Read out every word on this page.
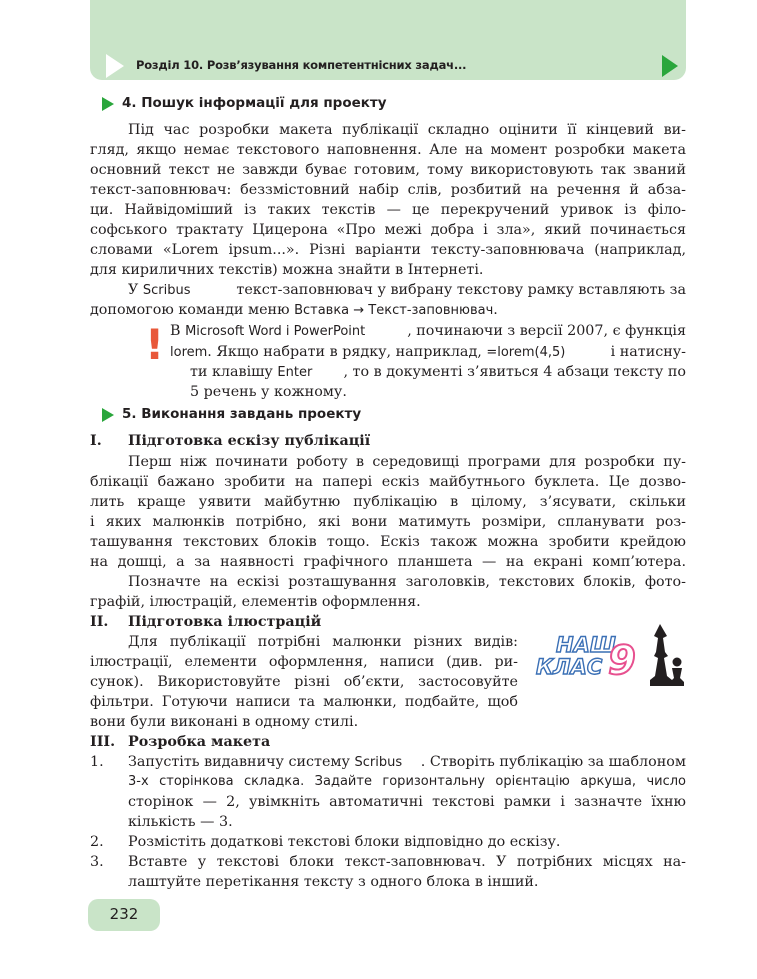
Розділ 10. Розв’язування компетентнісних задач...
4. Пошук інформації для проекту
Під час розробки макета публікації складно оцінити її кінцевий ви-
гляд, якщо немає текстового наповнення. Але на момент розробки макета
основний текст не завжди буває готовим, тому використовують так званий
текст-заповнювач: беззмістовний набір слів, розбитий на речення й абза-
ци. Найвідоміший із таких текстів — це перекручений уривок із філо-
софського трактату Цицерона «Про межі добра і зла», який починається
словами «Lorem ipsum...». Різні варіанти тексту-заповнювача (наприклад,
для кириличних текстів) можна знайти в Інтернеті.
У Scribus	текст-заповнювач у вибрану текстову рамку вставляють за
допомогою команди меню Вставка → Текст-заповнювач.
! В Microsoft Word і PowerPoint	, починаючи з версії 2007, є функція
lorem. Якщо набрати в рядку, наприклад, =lorem(4,5)	і натисну-
ти клавішу Enter , то в документі з’явиться 4 абзаци тексту по
5 речень у кожному.
5. Виконання завдань проекту
I. Підготовка ескізу публікації
Перш ніж починати роботу в середовищі програми для розробки пу-
блікації бажано зробити на папері ескіз майбутнього буклета. Це дозво-
лить краще уявити майбутню публікацію в цілому, з’ясувати, скільки
і яких малюнків потрібно, які вони матимуть розміри, спланувати роз-
ташування текстових блоків тощо. Ескіз також можна зробити крейдою
на дошці, а за наявності графічного планшета — на екрані комп’ютера.
Позначте на ескізі розташування заголовків, текстових блоків, фото-
графій, ілюстрацій, елементів оформлення.
II. Підготовка ілюстрацій
Для публікації потрібні малюнки різних видів:
ілюстрації, елементи оформлення, написи (див. ри-
сунок). Використовуйте різні об’єкти, застосовуйте
фільтри. Готуючи написи та малюнки, подбайте, щоб
вони були виконані в одному стилі.
НАШ
КЛАС 9
III. Розробка макета
1. Запустіть видавничу систему Scribus . Створіть публікацію за шаблоном
3-х сторінкова складка. Задайте горизонтальну орієнтацію аркуша, число
сторінок — 2, увімкніть автоматичні текстові рамки і зазначте їхню
кількість — 3.
2. Розмістіть додаткові текстові блоки відповідно до ескізу.
3. Вставте у текстові блоки текст-заповнювач. У потрібних місцях на-
лаштуйте перетікання тексту з одного блока в інший.
232
